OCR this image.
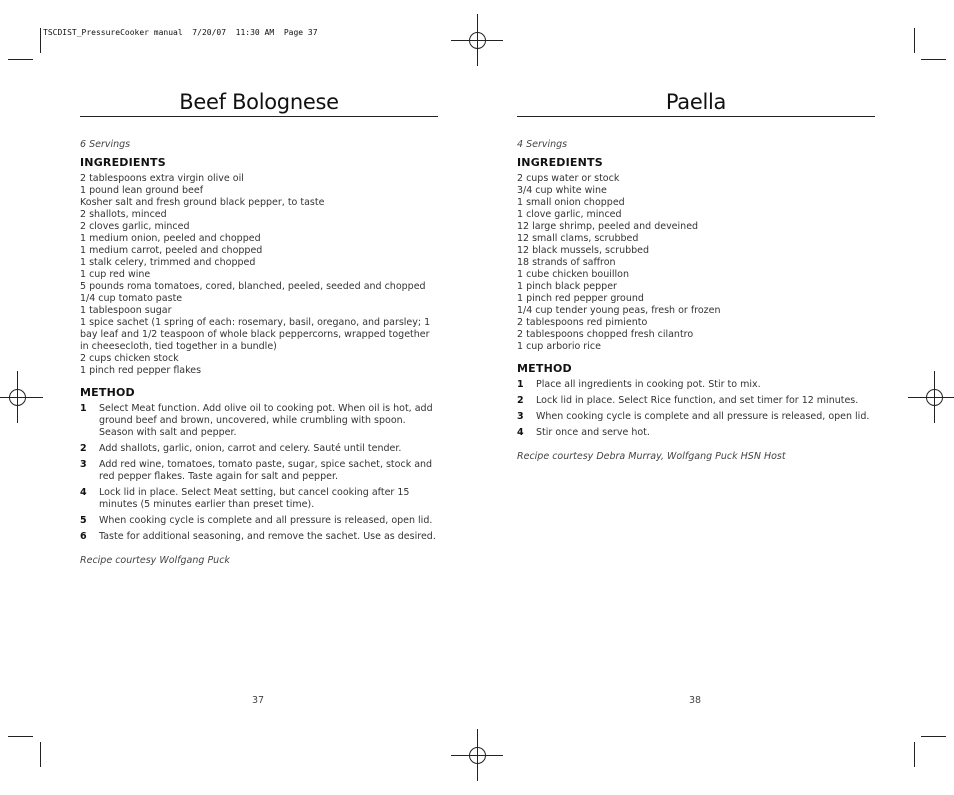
TSCDIST_PressureCooker manual  7/20/07  11:30 AM  Page 37
Beef Bolognese
6 Servings
INGREDIENTS
2 tablespoons extra virgin olive oil
1 pound lean ground beef
Kosher salt and fresh ground black pepper, to taste
2 shallots, minced
2 cloves garlic, minced
1 medium onion, peeled and chopped
1 medium carrot, peeled and chopped
1 stalk celery, trimmed and chopped
1 cup red wine
5 pounds roma tomatoes, cored, blanched, peeled, seeded and chopped
1/4 cup tomato paste
1 tablespoon sugar
1 spice sachet (1 spring of each: rosemary, basil, oregano, and parsley; 1 bay leaf and 1/2 teaspoon of whole black peppercorns, wrapped together in cheesecloth, tied together in a bundle)
2 cups chicken stock
1 pinch red pepper flakes
METHOD
1	Select Meat function. Add olive oil to cooking pot. When oil is hot, add ground beef and brown, uncovered, while crumbling with spoon. Season with salt and pepper.
2	Add shallots, garlic, onion, carrot and celery. Sauté until tender.
3	Add red wine, tomatoes, tomato paste, sugar, spice sachet, stock and red pepper flakes. Taste again for salt and pepper.
4	Lock lid in place. Select Meat setting, but cancel cooking after 15 minutes (5 minutes earlier than preset time).
5	When cooking cycle is complete and all pressure is released, open lid.
6	Taste for additional seasoning, and remove the sachet. Use as desired.
Recipe courtesy Wolfgang Puck
37
Paella
4 Servings
INGREDIENTS
2 cups water or stock
3/4 cup white wine
1 small onion chopped
1 clove garlic, minced
12 large shrimp, peeled and deveined
12 small clams, scrubbed
12 black mussels, scrubbed
18 strands of saffron
1 cube chicken bouillon
1 pinch black pepper
1 pinch red pepper ground
1/4 cup tender young peas, fresh or frozen
2 tablespoons red pimiento
2 tablespoons chopped fresh cilantro
1 cup arborio rice
METHOD
1	Place all ingredients in cooking pot. Stir to mix.
2	Lock lid in place. Select Rice function, and set timer for 12 minutes.
3	When cooking cycle is complete and all pressure is released, open lid.
4	Stir once and serve hot.
Recipe courtesy Debra Murray, Wolfgang Puck HSN Host
38
